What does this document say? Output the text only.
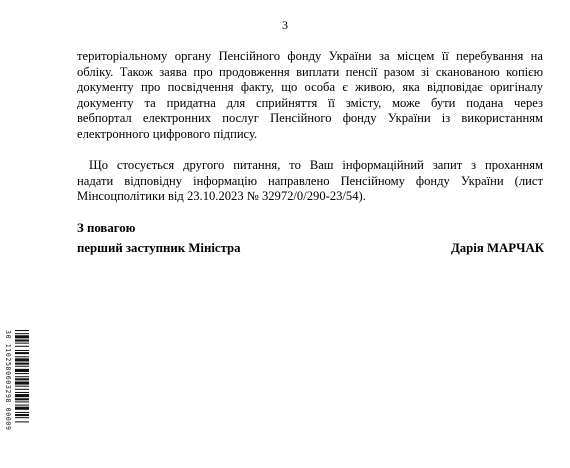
3
територіальному органу Пенсійного фонду України за місцем її перебування на
обліку. Також заява про продовження виплати пенсії разом зі сканованою копією
документу про посвідчення факту, що особа є живою, яка відповідає оригіналу
документу та придатна для сприйняття її змісту, може бути подана через
вебпортал електронних послуг Пенсійного фонду України із використанням
електронного цифрового підпису.
Що стосується другого питання, то Ваш інформаційний запит з проханням
надати відповідну інформацію направлено Пенсійному фонду України (лист
Мінсоцполітики від 23.10.2023 № 32972/0/290-23/54).
З повагою
перший заступник Міністра	Дарія МАРЧАК
30 1102580603298 00009
